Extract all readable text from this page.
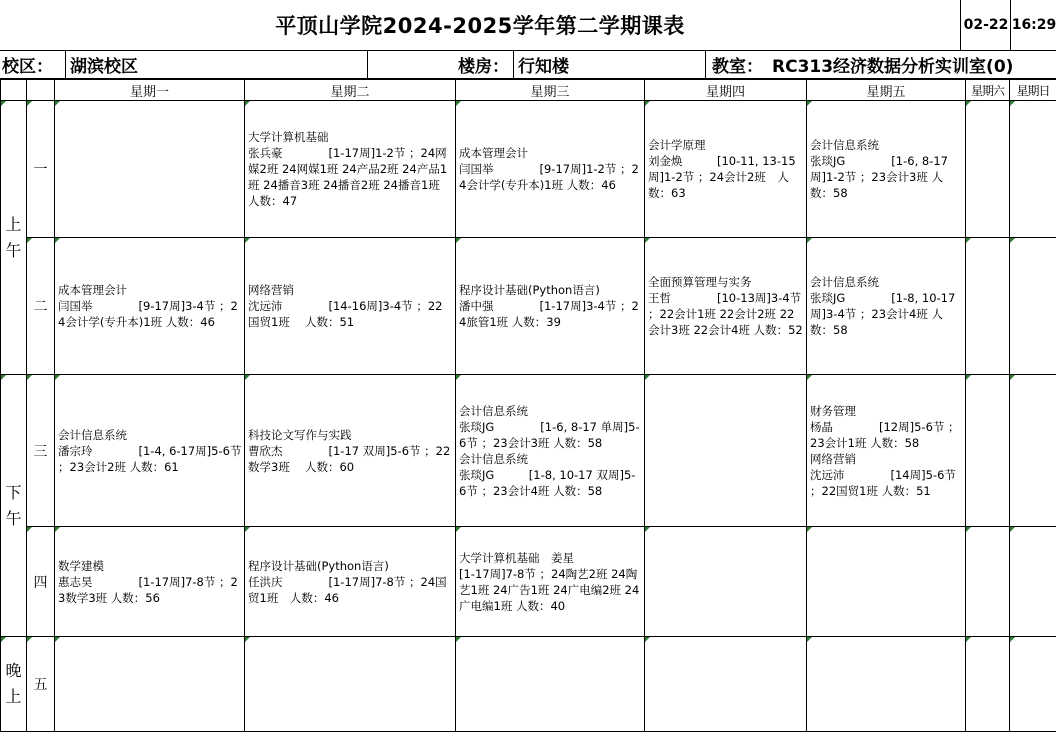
平顶山学院2024-2025学年第二学期课表	02-22 16:29
校区：	湖滨校区	楼房： 行知楼	教室： RC313经济数据分析实训室(0)
		星期一	星期二	星期三	星期四	星期五	星期六	星期日
上
午	一		大学计算机基础
张兵豪　　　　[1-17周]1-2节 ；24网媒2班 24网媒1班 24产品2班 24产品1班 24播音3班 24播音2班 24播音1班　人数：47	成本管理会计
闫国举　　　　[9-17周]1-2节 ；24会计学(专升本)1班 人数：46	会计学原理
刘金焕　　　[10-11, 13-15周]1-2节 ；24会计2班　人数：63	会计信息系统
张琰JG　　　　[1-6, 8-17周]1-2节 ；23会计3班 人数：58		

	二	成本管理会计
闫国举　　　　[9-17周]3-4节 ；24会计学(专升本)1班 人数：46	网络营销
沈远沛　　　　[14-16周]3-4节 ；22国贸1班　 人数：51	程序设计基础(Python语言)
潘中强　　　　[1-17周]3-4节 ；24旅管1班 人数：39	全面预算管理与实务
王哲　　　　[10-13周]3-4节 ；22会计1班 22会计2班 22会计3班 22会计4班 人数：52	会计信息系统
张琰JG　　　　[1-8, 10-17周]3-4节 ；23会计4班 人数：58		

下
午	三	会计信息系统
潘宗玲　　　　[1-4, 6-17周]5-6节 ；23会计2班 人数：61	科技论文写作与实践
曹欣杰　　　　[1-17 双周]5-6节 ；22数学3班　 人数：60	会计信息系统
张琰JG　　　　[1-6, 8-17 单周]5-6节 ；23会计3班 人数：58
会计信息系统
张琰JG　　　[1-8, 10-17 双周]5-6节 ；23会计4班 人数：58		财务管理
杨晶　　　　[12周]5-6节 ；23会计1班 人数：58
网络营销
沈远沛　　　　[14周]5-6节 ；22国贸1班 人数：51		

	四	数学建模
惠志昊　　　　[1-17周]7-8节 ；23数学3班 人数：56	程序设计基础(Python语言)
任洪庆　　　　[1-17周]7-8节 ；24国贸1班　人数：46	大学计算机基础　姜星
[1-17周]7-8节 ；24陶艺2班 24陶艺1班 24广告1班 24广电编2班 24广电编1班 人数：40				

晚
上	五							
